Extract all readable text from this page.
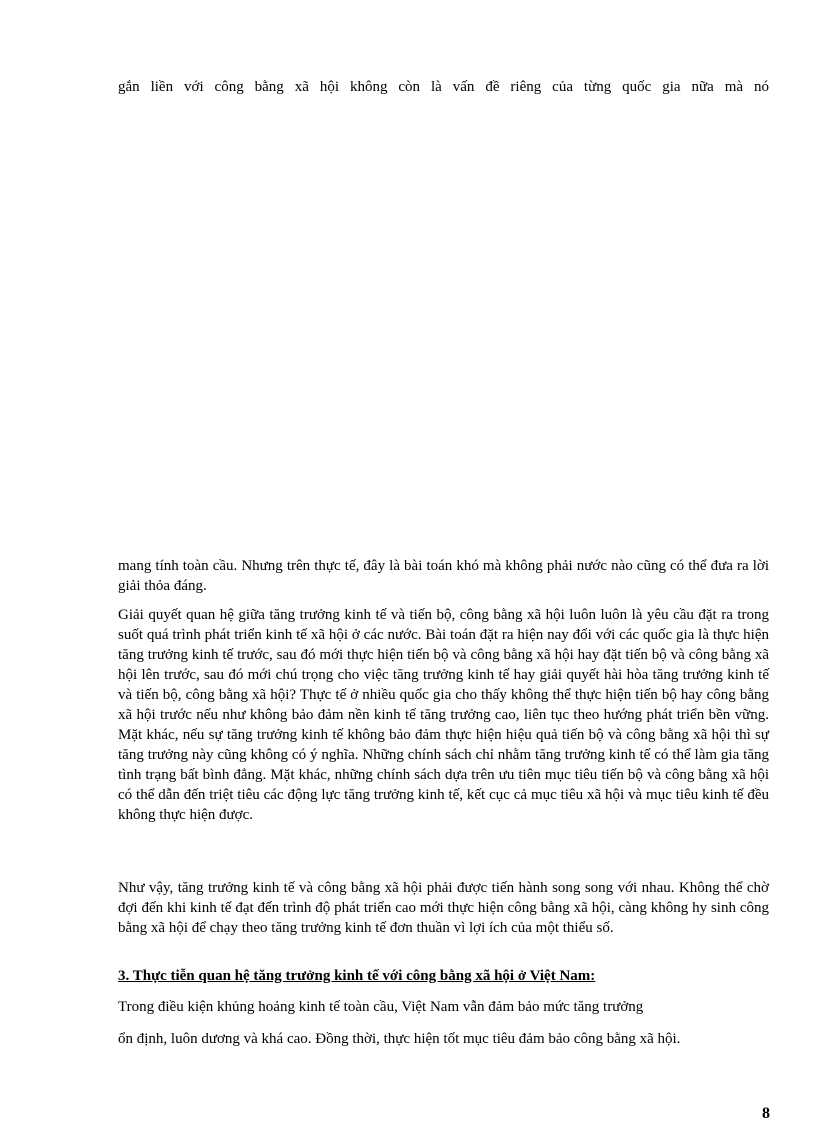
gắn liền với công bằng xã hội không còn là vấn đề riêng của từng quốc gia nữa mà nó

mang tính toàn cầu. Nhưng trên thực tế, đây là bài toán khó mà không phải nước nào cũng có thể đưa ra lời giải thỏa đáng.

Giải quyết quan hệ giữa tăng trưởng kinh tế và tiến bộ, công bằng xã hội luôn luôn là yêu cầu đặt ra trong suốt quá trình phát triển kinh tế xã hội ở các nước. Bài toán đặt ra hiện nay đối với các quốc gia là thực hiện tăng trưởng kinh tế trước, sau đó mới thực hiện tiến bộ và công bằng xã hội hay đặt tiến bộ và công bằng xã hội lên trước, sau đó mới chú trọng cho việc tăng trưởng kinh tế hay giải quyết hài hòa tăng trưởng kinh tế và tiến bộ, công bằng xã hội? Thực tế ở nhiều quốc gia cho thấy không thể thực hiện tiến bộ hay công bằng xã hội trước nếu như không bảo đảm nền kinh tế tăng trưởng cao, liên tục theo hướng phát triển bền vững. Mặt khác, nếu sự tăng trưởng kinh tế không bảo đảm thực hiện hiệu quả tiến bộ và công bằng xã hội thì sự tăng trưởng này cũng không có ý nghĩa. Những chính sách chỉ nhằm tăng trưởng kinh tế có thể làm gia tăng tình trạng bất bình đẳng. Mặt khác, những chính sách dựa trên ưu tiên mục tiêu tiến bộ và công bằng xã hội có thể dẫn đến triệt tiêu các động lực tăng trưởng kinh tế, kết cục cả mục tiêu xã hội và mục tiêu kinh tế đều không thực hiện được.

Như vậy, tăng trưởng kinh tế và công bằng xã hội phải được tiến hành song song với nhau. Không thể chờ đợi đến khi kinh tế đạt đến trình độ phát triển cao mới thực hiện công bằng xã hội, càng không hy sinh công bằng xã hội để chạy theo tăng trưởng kinh tế đơn thuần vì lợi ích của một thiểu số.

3. Thực tiễn quan hệ tăng trưởng kinh tế với công bằng xã hội ở Việt Nam:

Trong điều kiện khủng hoảng kinh tế toàn cầu, Việt Nam vẫn đảm bảo mức tăng trưởng

ổn định, luôn dương và khá cao. Đồng thời, thực hiện tốt mục tiêu đảm bảo công bằng xã hội.

8
